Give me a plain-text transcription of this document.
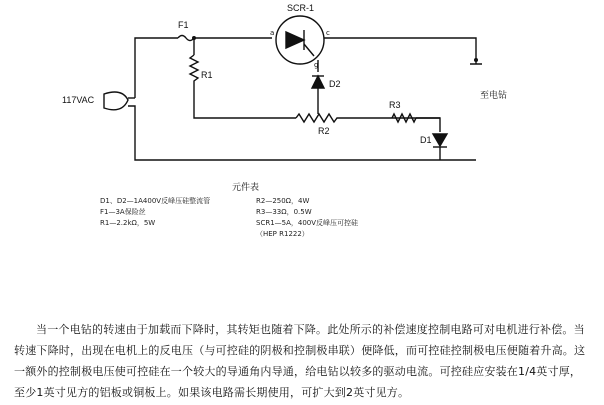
SCR-1
F1
R1
117VAC
D2
R3
R2
D1
a	c
g
至电钻
元件表
D1、D2—1A400V反峰压硅整流管
F1—3A保险丝
R1—2.2kΩ，5W
R2—250Ω，4W
R3—33Ω，0.5W
SCR1—5A，400V反峰压可控硅
（HEP R1222）

当一个电钻的转速由于加载而下降时，其转矩也随着下降。此处所示的补偿速度控制电路可对电机进行补偿。当转速下降时，出现在电机上的反电压（与可控硅的阴极和控制极串联）便降低，而可控硅控制极电压便随着升高。这一额外的控制极电压使可控硅在一个较大的导通角内导通，给电钻以较多的驱动电流。可控硅应安装在1/4英寸厚，至少1英寸见方的铝板或铜板上。如果该电路需长期使用，可扩大到2英寸见方。
